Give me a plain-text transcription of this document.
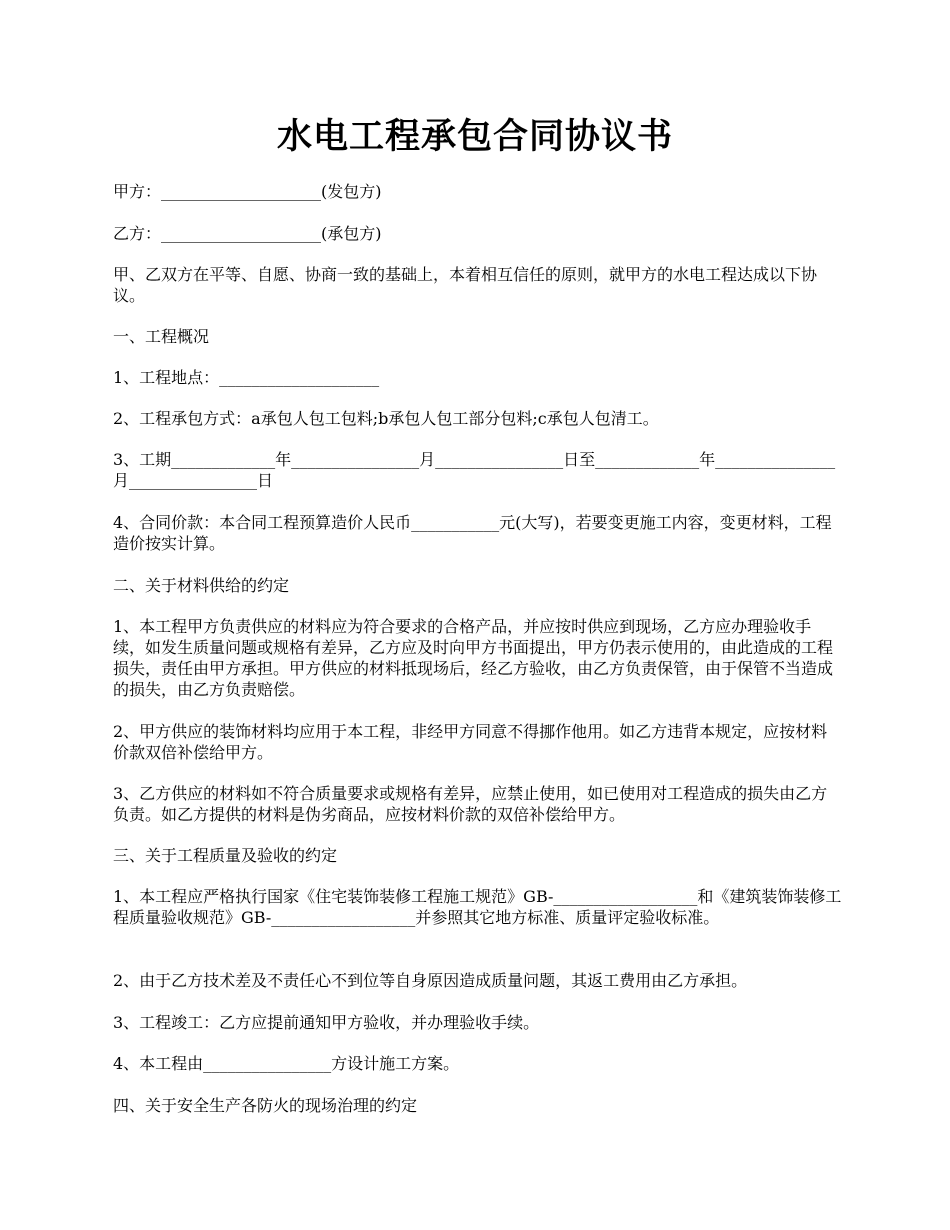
水电工程承包合同协议书

甲方：____________________(发包方)

乙方：____________________(承包方)

甲、乙双方在平等、自愿、协商一致的基础上，本着相互信任的原则，就甲方的水电工程达成以下协议。

一、工程概况

1、工程地点：____________________

2、工程承包方式：a承包人包工包料;b承包人包工部分包料;c承包人包清工。

3、工期_____________年________________月________________日至_____________年_______________月________________日

4、合同价款：本合同工程预算造价人民币___________元(大写)，若要变更施工内容，变更材料，工程造价按实计算。

二、关于材料供给的约定

1、本工程甲方负责供应的材料应为符合要求的合格产品，并应按时供应到现场，乙方应办理验收手续，如发生质量问题或规格有差异，乙方应及时向甲方书面提出，甲方仍表示使用的，由此造成的工程损失，责任由甲方承担。甲方供应的材料抵现场后，经乙方验收，由乙方负责保管，由于保管不当造成的损失，由乙方负责赔偿。

2、甲方供应的装饰材料均应用于本工程，非经甲方同意不得挪作他用。如乙方违背本规定，应按材料价款双倍补偿给甲方。

3、乙方供应的材料如不符合质量要求或规格有差异，应禁止使用，如已使用对工程造成的损失由乙方负责。如乙方提供的材料是伪劣商品，应按材料价款的双倍补偿给甲方。

三、关于工程质量及验收的约定

1、本工程应严格执行国家《住宅装饰装修工程施工规范》GB-__________________和《建筑装饰装修工程质量验收规范》GB-__________________并参照其它地方标准、质量评定验收标准。

2、由于乙方技术差及不责任心不到位等自身原因造成质量问题，其返工费用由乙方承担。

3、工程竣工：乙方应提前通知甲方验收，并办理验收手续。

4、本工程由________________方设计施工方案。

四、关于安全生产各防火的现场治理的约定
